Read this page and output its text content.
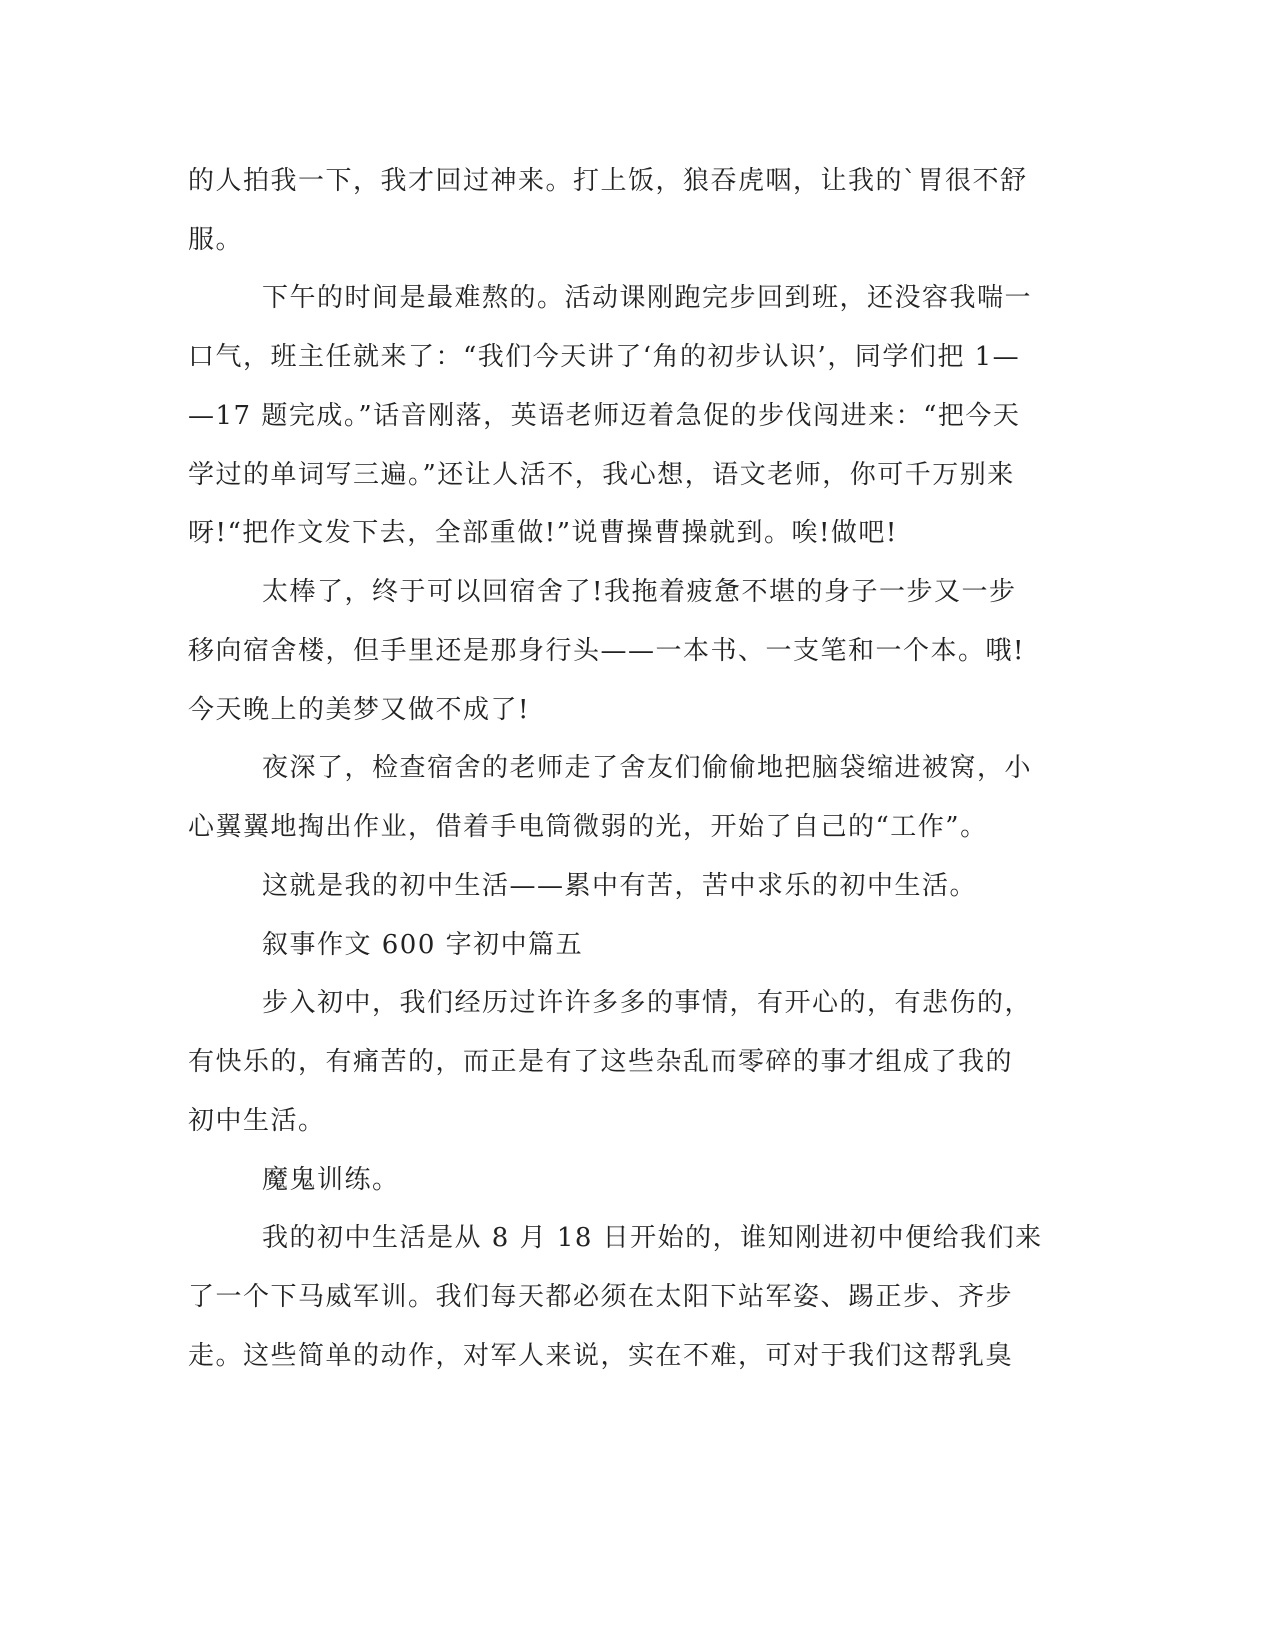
的人拍我一下，我才回过神来。打上饭，狼吞虎咽，让我的`胃很不舒
服。
下午的时间是最难熬的。活动课刚跑完步回到班，还没容我喘一
口气，班主任就来了：“我们今天讲了‘角的初步认识’，同学们把 1—
—17 题完成。”话音刚落，英语老师迈着急促的步伐闯进来：“把今天
学过的单词写三遍。”还让人活不，我心想，语文老师，你可千万别来
呀!“把作文发下去，全部重做!”说曹操曹操就到。唉!做吧!
太棒了，终于可以回宿舍了!我拖着疲惫不堪的身子一步又一步
移向宿舍楼，但手里还是那身行头——一本书、一支笔和一个本。哦!
今天晚上的美梦又做不成了!
夜深了，检查宿舍的老师走了舍友们偷偷地把脑袋缩进被窝，小
心翼翼地掏出作业，借着手电筒微弱的光，开始了自己的“工作”。
这就是我的初中生活——累中有苦，苦中求乐的初中生活。
叙事作文 600 字初中篇五
步入初中，我们经历过许许多多的事情，有开心的，有悲伤的，
有快乐的，有痛苦的，而正是有了这些杂乱而零碎的事才组成了我的
初中生活。
魔鬼训练。
我的初中生活是从 8 月 18 日开始的，谁知刚进初中便给我们来
了一个下马威军训。我们每天都必须在太阳下站军姿、踢正步、齐步
走。这些简单的动作，对军人来说，实在不难，可对于我们这帮乳臭
